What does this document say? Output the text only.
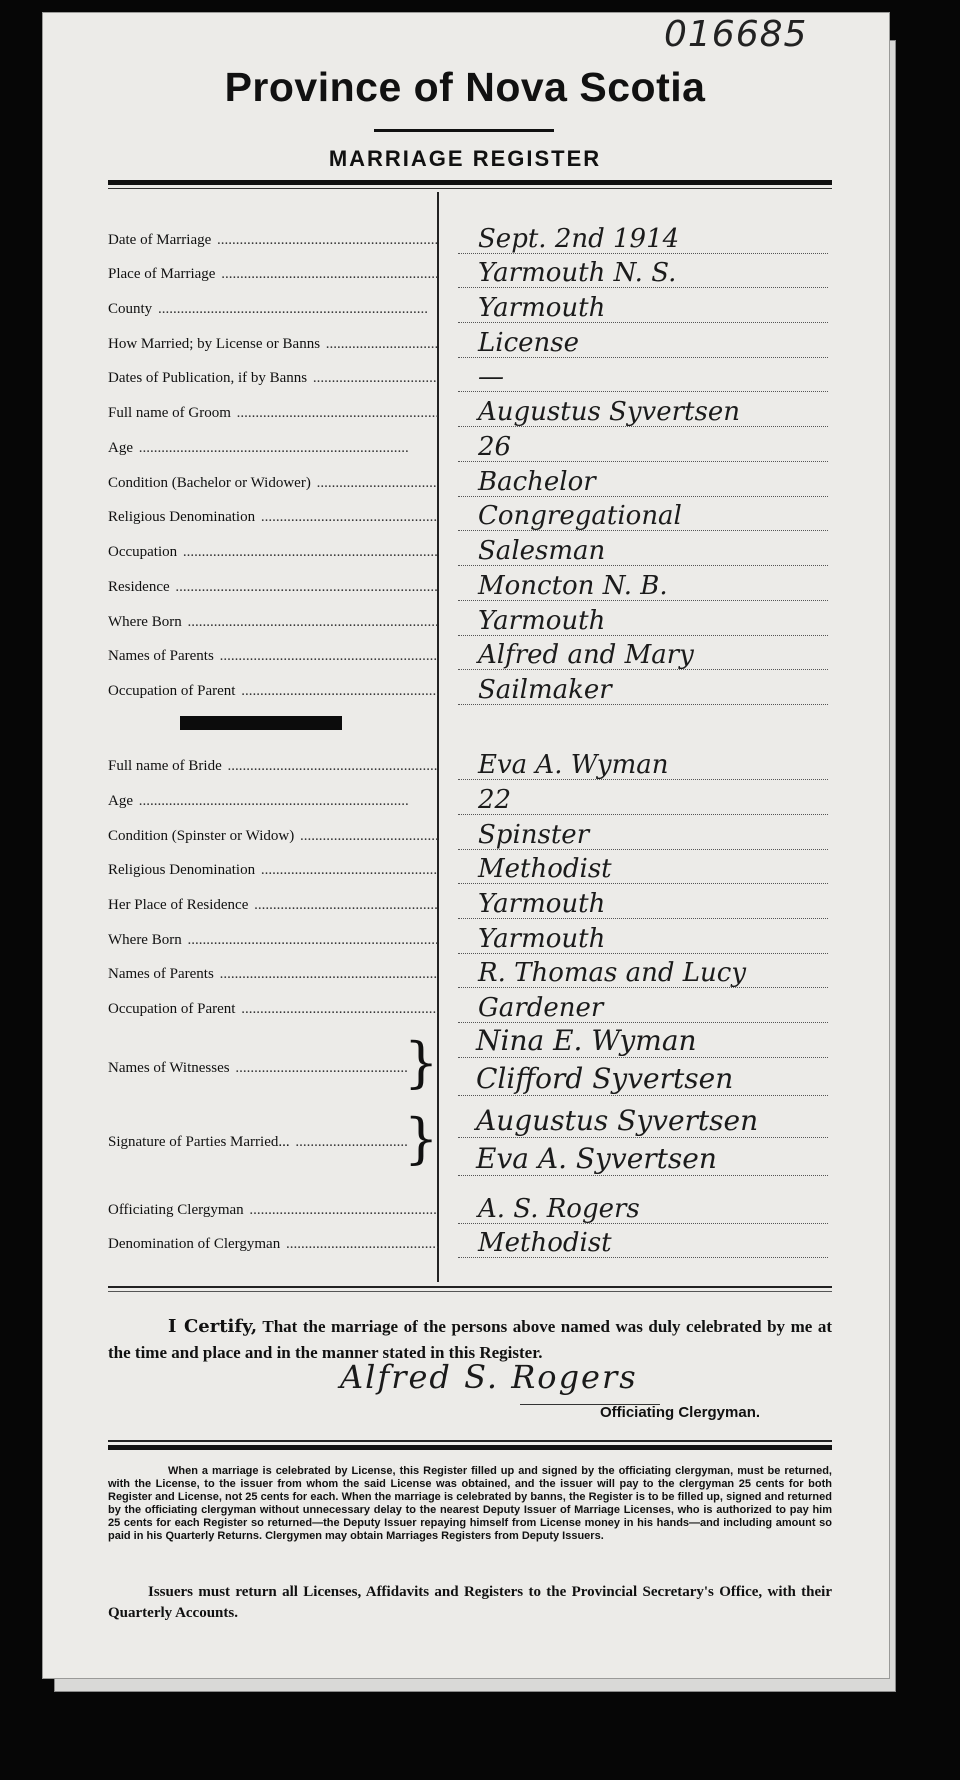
016685
Province of Nova Scotia
MARRIAGE REGISTER
Date of Marriage .....	Sept. 2nd 1914
Place of Marriage .....	Yarmouth N. S.
County .....	Yarmouth
How Married; by License or Banns .....	License
Dates of Publication, if by Banns .....	—
Full name of Groom .....	Augustus Syvertsen
Age .....	26
Condition (Bachelor or Widower) .....	Bachelor
Religious Denomination .....	Congregational
Occupation .....	Salesman
Residence .....	Moncton N. B.
Where Born .....	Yarmouth
Names of Parents .....	Alfred and Mary
Occupation of Parent .....	Sailmaker
Full name of Bride .....	Eva A. Wyman
Age .....	22
Condition (Spinster or Widow) .....	Spinster
Religious Denomination .....	Methodist
Her Place of Residence .....	Yarmouth
Where Born .....	Yarmouth
Names of Parents .....	R. Thomas and Lucy
Occupation of Parent .....	Gardener
Names of Witnesses .....	}	Nina E. Wyman
Clifford Syvertsen
Signature of Parties Married... .....	}	Augustus Syvertsen
Eva A. Syvertsen
Officiating Clergyman .....	A. S. Rogers
Denomination of Clergyman .....	Methodist
I Certify, That the marriage of the persons above named was duly celebrated by me at the time and place and in the manner stated in this Register.
Alfred S. Rogers
Officiating Clergyman.
When a marriage is celebrated by License, this Register filled up and signed by the officiating clergyman, must be returned, with the License, to the issuer from whom the said License was obtained, and the issuer will pay to the clergyman 25 cents for both Register and License, not 25 cents for each. When the marriage is celebrated by banns, the Register is to be filled up, signed and returned by the officiating clergyman without unnecessary delay to the nearest Deputy Issuer of Marriage Licenses, who is authorized to pay him 25 cents for each Register so returned—the Deputy Issuer repaying himself from License money in his hands—and including amount so paid in his Quarterly Returns. Clergymen may obtain Marriages Registers from Deputy Issuers.
Issuers must return all Licenses, Affidavits and Registers to the Provincial Secretary's Office, with their Quarterly Accounts.
